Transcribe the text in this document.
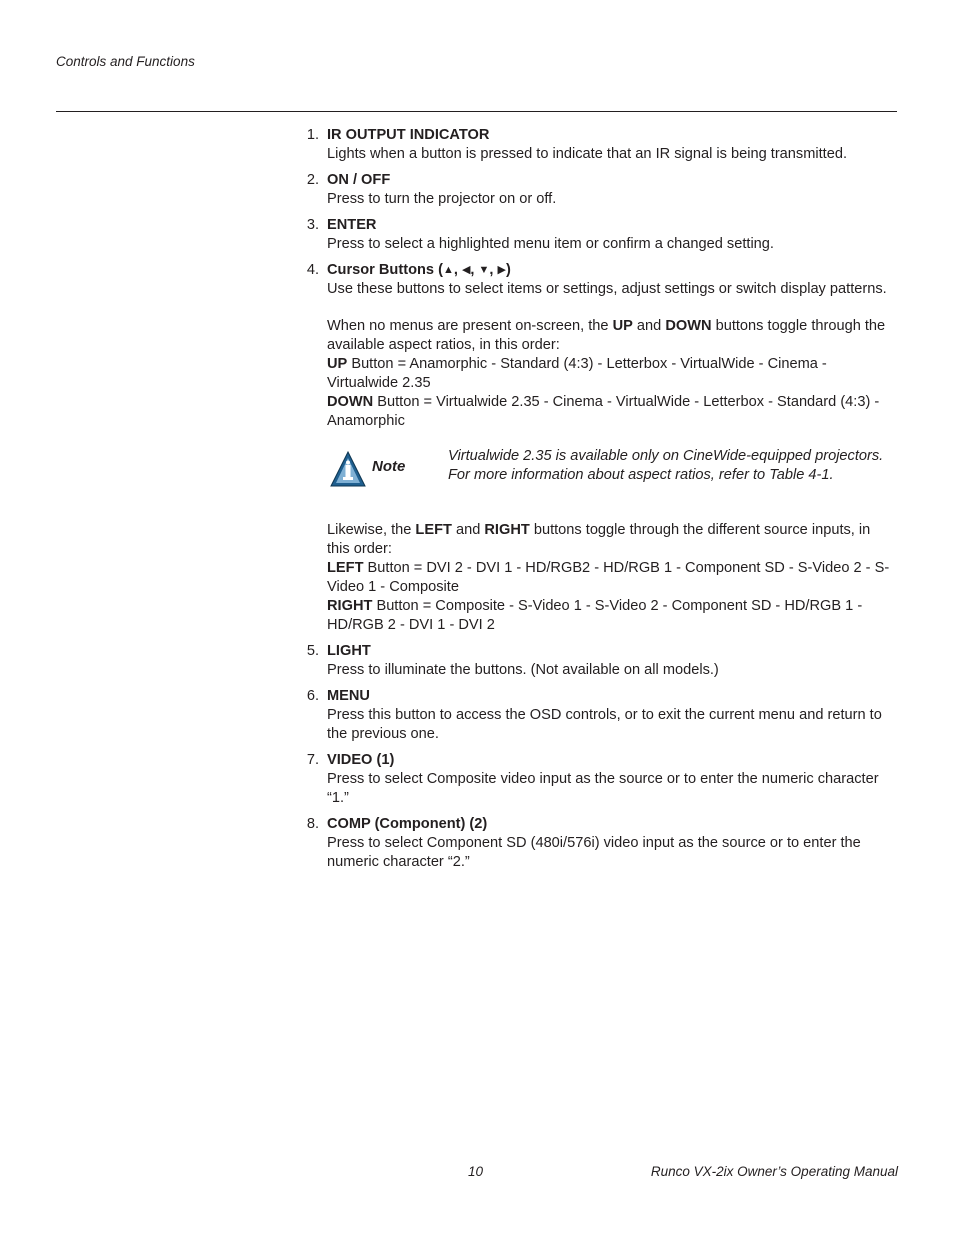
Controls and Functions
1. IR OUTPUT INDICATOR
Lights when a button is pressed to indicate that an IR signal is being transmitted.
2. ON / OFF
Press to turn the projector on or off.
3. ENTER
Press to select a highlighted menu item or confirm a changed setting.
4. Cursor Buttons (▲, ◀, ▼, ▶)
Use these buttons to select items or settings, adjust settings or switch display patterns.
When no menus are present on-screen, the UP and DOWN buttons toggle through the available aspect ratios, in this order:
UP Button = Anamorphic - Standard (4:3) - Letterbox - VirtualWide - Cinema - Virtualwide 2.35
DOWN Button = Virtualwide 2.35 - Cinema - VirtualWide - Letterbox - Standard (4:3) - Anamorphic
Note
Virtualwide 2.35 is available only on CineWide-equipped projectors. For more information about aspect ratios, refer to Table 4-1.
Likewise, the LEFT and RIGHT buttons toggle through the different source inputs, in this order:
LEFT Button = DVI 2 - DVI 1 - HD/RGB2 - HD/RGB 1 - Component SD - S-Video 2 - S-Video 1 - Composite
RIGHT Button = Composite - S-Video 1 - S-Video 2 - Component SD - HD/RGB 1 - HD/RGB 2 - DVI 1 - DVI 2
5. LIGHT
Press to illuminate the buttons. (Not available on all models.)
6. MENU
Press this button to access the OSD controls, or to exit the current menu and return to the previous one.
7. VIDEO (1)
Press to select Composite video input as the source or to enter the numeric character “1.”
8. COMP (Component) (2)
Press to select Component SD (480i/576i) video input as the source or to enter the numeric character “2.”
10	Runco VX-2ix Owner’s Operating Manual
